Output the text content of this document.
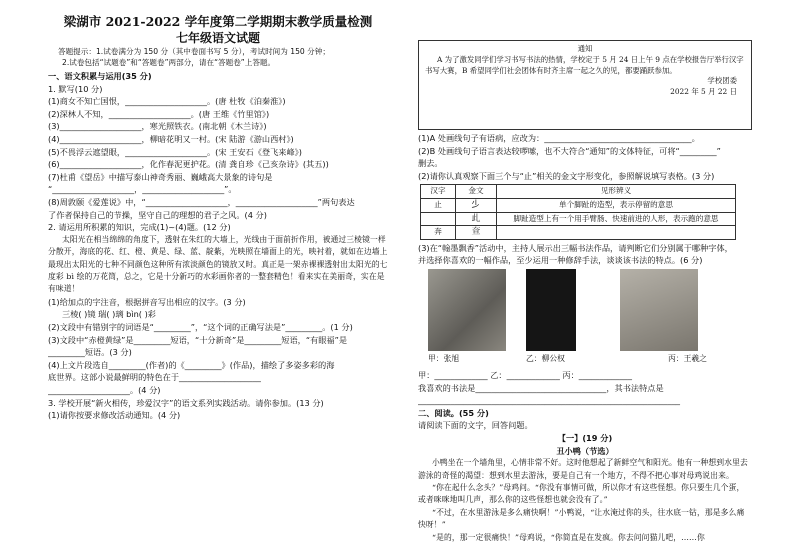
梁湖市 2021-2022 学年度第二学期期末教学质量检测
七年级语文试题
答题提示：1.试卷满分为 150 分（其中卷面书写 5 分），考试时间为 150 分钟；
2.试卷包括“试题卷”和“答题卷”两部分，请在“答题卷”上答题。
一、语文积累与运用(35 分)
1. 默写(10 分)
(1)商女不知亡国恨，____________________。(唐 杜牧《泊秦淮》)
(2)深林人不知，____________________。(唐 王维《竹里馆》)
(3)____________________，寒光照铁衣。(南北朝《木兰诗》)
(4)____________________，柳暗花明又一村。(宋 陆游《游山西村》)
(5)不畏浮云遮望眼，____________________。(宋 王安石《登飞来峰》)
(6)____________________，化作春泥更护花。(清 龚自珍《己亥杂诗》(其五))
(7)杜甫《望岳》中描写泰山神奇秀丽、巍峨高大景象的诗句是
“____________________，____________________”。
(8)周敦颐《爱莲说》中，“____________________，____________________”两句表达
了作者保持自己的节操，坚守自己的理想的君子之风。(4 分)
2. 请运用所积累的知识，完成(1)~(4)题。(12 分)
太阳光在相当绵绵的角度下，透射在朱红的大墙上，光线由于面前折作用，被通过三棱镜一样分散开，海底的花、红、橙、黄是、绿、蓝、靛紫，光映照在墙面上的光，映衬着，就如在边墙上最现出太阳光的七种不同颜色这种所有浓淡颜色的镜放又时。真正是一架赤裸裸透射出太阳光的七度彩 bì 绘的万花筒，总之，它是十分新巧的水彩画你者的一整套精色！看来实在美丽奇，实在是有味道！
(1)给加点的字注音，根据拼音写出相应的汉字。(3 分)
三棱( )镜 瑞( )璃 bìn( )彩
(2)文段中有错别字的词语是“_________”，“这个词的正确写法是”_________。(1 分)
(3)文段中“赤橙黄绿”是_________短语，“十分新奇”是_________短语，“有眼福”是
_________短语。(3 分)
(4)上文片段选自_________(作者)的《_________》(作品)，描绘了多姿多彩的海
底世界。这部小说最鲜明的特色在于____________________
____________________。(4 分)
3. 学校开展“新火相传，珍爱汉字”的语文系列实践活动。请你参加。(13 分)
(1)请你按要求修改活动通知。(4 分)
通知
A 为了激发同学们学习书写书法的热情，学校定于 5 月 24 日上午 9 点在学校报告厅举行汉字书写大赛，B 希望同学们社会团体有时齐主席一起之久的见，都要踊跃参加。
学校团委
2022 年 5 月 22 日
(1)A 处画线句子有语病，应改为：____________________________________。
(2)B 处画线句子语言表达较啰嗦，也不大符合“通知”的文体特征，可将“_________”
删去。
(2)请你认真观察下面三个与“止”相关的金文字形变化，参照解说填写表格。(3 分)
汉字	金文	见形辨义
止	𣥂	单个脚趾的造型，表示停留的意思
	𣥃	脚趾造型上有一个用手臂肠、快速前进的人形，表示跑的意思
奔	𡘍	
(3)在“翰墨飘香”活动中，主持人展示出三幅书法作品，请判断它们分别属于哪种字体，
并选择你喜欢的一幅作品，至少运用一种修辞手法，谈谈该书法的特点。(6 分)
甲：张旭	乙：柳公权	丙：王羲之
甲：_____________ 乙：_____________ 丙：_____________
我喜欢的书法是________________________________，其书法特点是
________________________________________________________________
二、阅读。(55 分)
请阅读下面的文字，回答问题。
【一】(19 分)
丑小鸭（节选）
小鸭坐在一个墙角里，心情非常不好。这时他想起了新鲜空气和阳光。他有一种想到水里去游泳的奇怪的渴望：想到水里去游泳，要是自己有一个地方，不得不把心事对母鸡说出来。
“你在起什么念头？”母鸡问。“你没有事情可做，所以你才有这些怪想。你只要生几个蛋，或者咪咪地叫几声，那么你的这些怪想也就会没有了。”
“不过，在水里游泳是多么痛快啊！”小鸭说，“让水淹过你的头，往水底一钻，那是多么痛快呀！”
“是的，那一定很痛快！”母鸡说，“你简直是在发疯。你去问问猫儿吧，……你
